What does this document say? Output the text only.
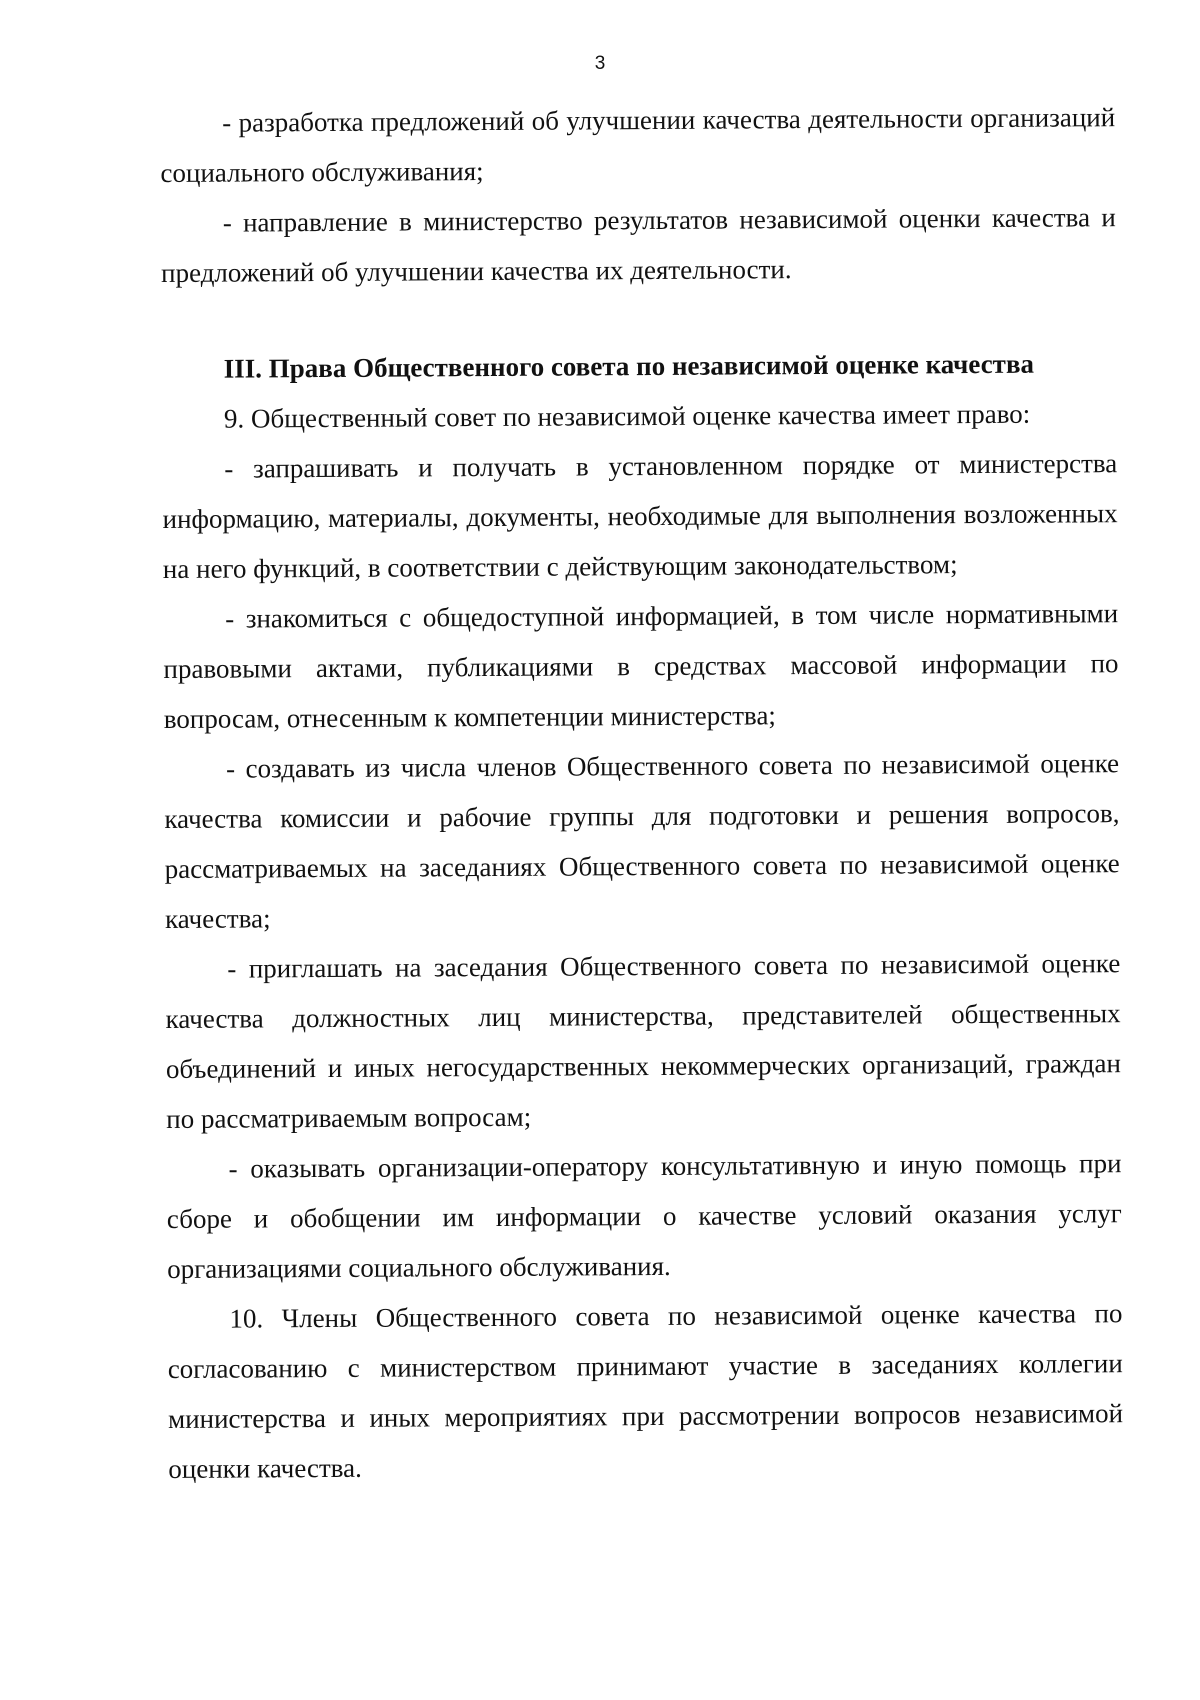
3

- разработка предложений об улучшении качества деятельности организаций социального обслуживания;

- направление в министерство результатов независимой оценки качества и предложений об улучшении качества их деятельности.

III. Права Общественного совета по независимой оценке качества

9. Общественный совет по независимой оценке качества имеет право:

- запрашивать и получать в установленном порядке от министерства информацию, материалы, документы, необходимые для выполнения возложенных на него функций, в соответствии с действующим законодательством;

- знакомиться с общедоступной информацией, в том числе нормативными правовыми актами, публикациями в средствах массовой информации по вопросам, отнесенным к компетенции министерства;

- создавать из числа членов Общественного совета по независимой оценке качества комиссии и рабочие группы для подготовки и решения вопросов, рассматриваемых на заседаниях Общественного совета по независимой оценке качества;

- приглашать на заседания Общественного совета по независимой оценке качества должностных лиц министерства, представителей общественных объединений и иных негосударственных некоммерческих организаций, граждан по рассматриваемым вопросам;

- оказывать организации-оператору консультативную и иную помощь при сборе и обобщении им информации о качестве условий оказания услуг организациями социального обслуживания.

10. Члены Общественного совета по независимой оценке качества по согласованию с министерством принимают участие в заседаниях коллегии министерства и иных мероприятиях при рассмотрении вопросов независимой оценки качества.
